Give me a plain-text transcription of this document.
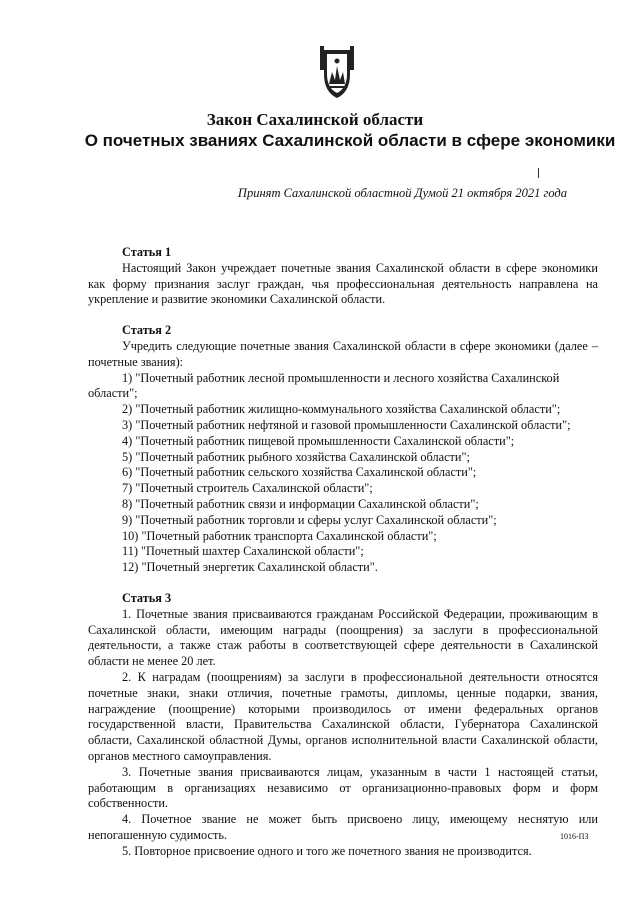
Закон Сахалинской области
О почетных званиях Сахалинской области в сфере экономики
Принят Сахалинской областной Думой 21 октября 2021 года

Статья 1

Настоящий Закон учреждает почетные звания Сахалинской области в сфере экономики как форму признания заслуг граждан, чья профессиональная деятельность направлена на укрепление и развитие экономики Сахалинской области.

Статья 2

Учредить следующие почетные звания Сахалинской области в сфере экономики (далее – почетные звания):

1) "Почетный работник лесной промышленности и лесного хозяйства Сахалинской области";

2) "Почетный работник жилищно-коммунального хозяйства Сахалинской области";

3) "Почетный работник нефтяной и газовой промышленности Сахалинской области";

4) "Почетный работник пищевой промышленности Сахалинской области";

5) "Почетный работник рыбного хозяйства Сахалинской области";

6) "Почетный работник сельского хозяйства Сахалинской области";

7) "Почетный строитель Сахалинской области";

8) "Почетный работник связи и информации Сахалинской области";

9) "Почетный работник торговли и сферы услуг Сахалинской области";

10) "Почетный работник транспорта Сахалинской области";

11) "Почетный шахтер Сахалинской области";

12) "Почетный энергетик Сахалинской области".

Статья 3

1. Почетные звания присваиваются гражданам Российской Федерации, проживающим в Сахалинской области, имеющим награды (поощрения) за заслуги в профессиональной деятельности, а также стаж работы в соответствующей сфере деятельности в Сахалинской области не менее 20 лет.

2. К наградам (поощрениям) за заслуги в профессиональной деятельности относятся почетные знаки, знаки отличия, почетные грамоты, дипломы, ценные подарки, звания, награждение (поощрение) которыми производилось от имени федеральных органов государственной власти, Правительства Сахалинской области, Губернатора Сахалинской области, Сахалинской областной Думы, органов исполнительной власти Сахалинской области, органов местного самоуправления.

3. Почетные звания присваиваются лицам, указанным в части 1 настоящей статьи, работающим в организациях независимо от организационно-правовых форм и форм собственности.

4. Почетное звание не может быть присвоено лицу, имеющему неснятую или непогашенную судимость.

5. Повторное присвоение одного и того же почетного звания не производится.

1016-ПЗ
